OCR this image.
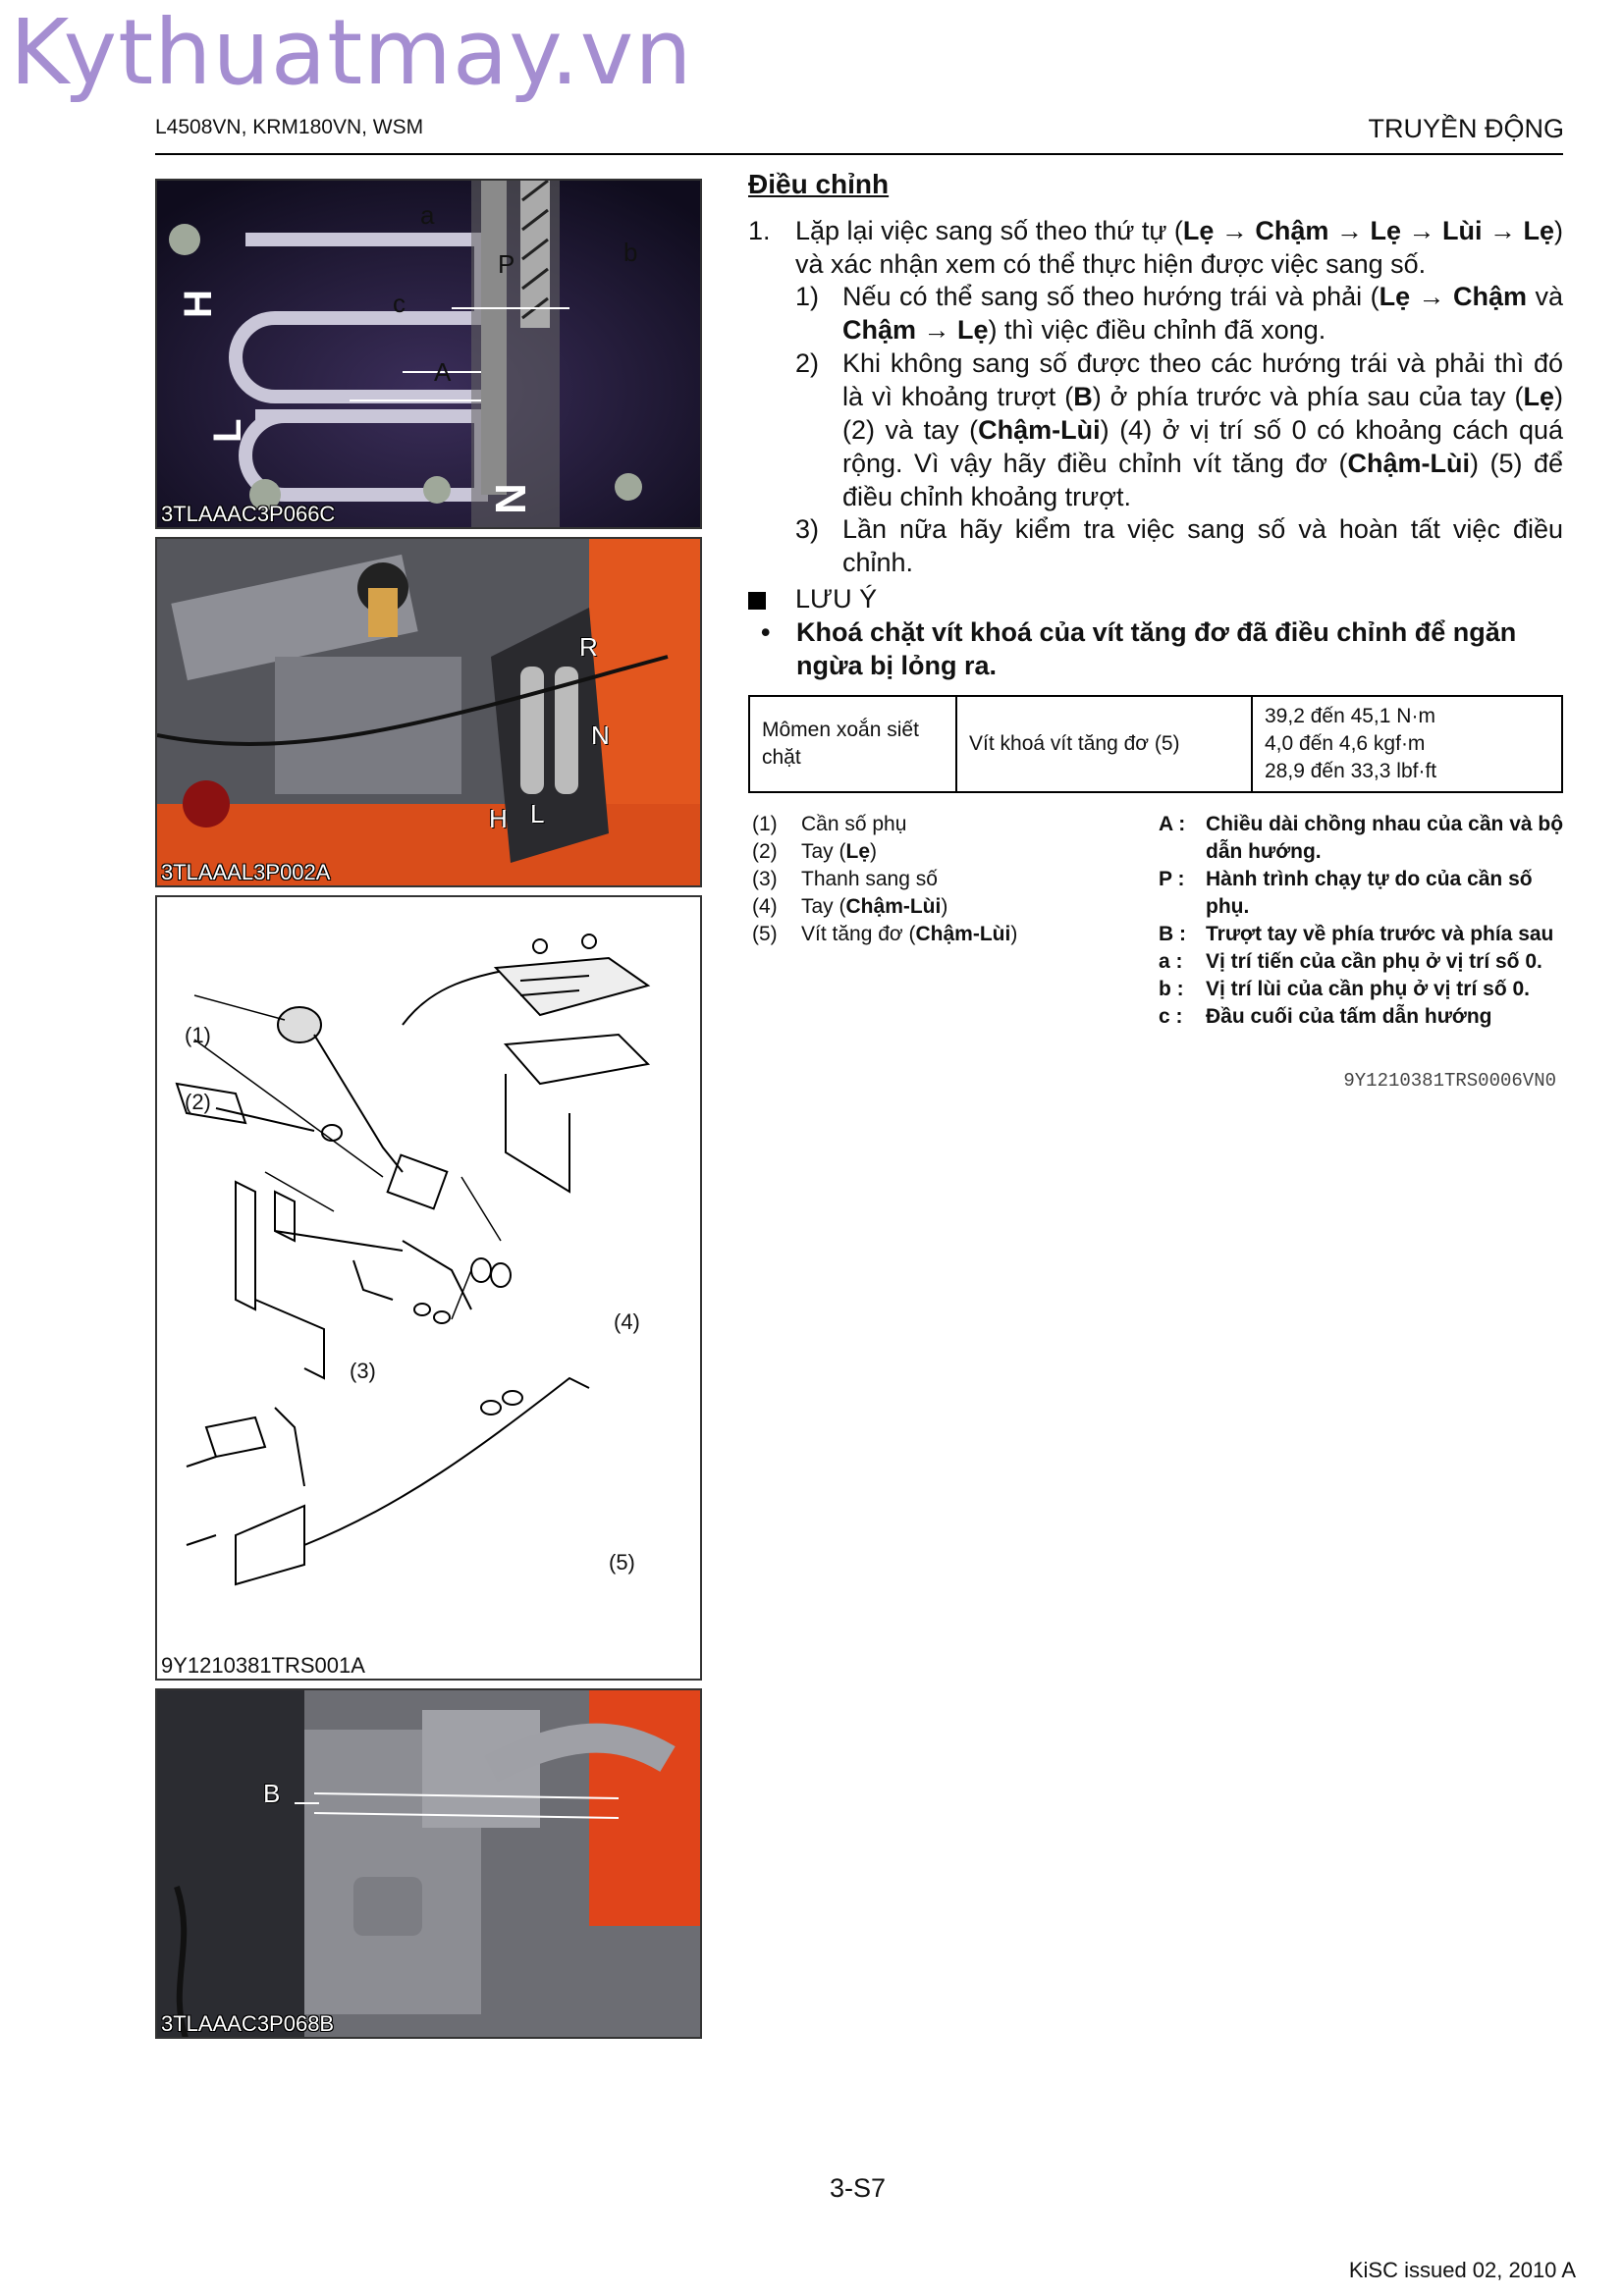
Kythuatmay.vn
L4508VN, KRM180VN, WSM	TRUYỀN ĐỘNG
H
L
N
a
b
P
c
A
3TLAAAC3P066C
R
N
L
H
3TLAAAL3P002A
(1)
(2)
(3)
(4)
(5)
9Y1210381TRS001A
B
3TLAAAC3P068B
Điều chỉnh
1. Lặp lại việc sang số theo thứ tự (Lẹ → Chậm → Lẹ → Lùi → Lẹ) và xác nhận xem có thể thực hiện được việc sang số.
1) Nếu có thể sang số theo hướng trái và phải (Lẹ → Chậm và Chậm → Lẹ) thì việc điều chỉnh đã xong.
2) Khi không sang số được theo các hướng trái và phải thì đó là vì khoảng trượt (B) ở phía trước và phía sau của tay (Lẹ) (2) và tay (Chậm-Lùi) (4) ở vị trí số 0 có khoảng cách quá rộng. Vì vậy hãy điều chỉnh vít tăng đơ (Chậm-Lùi) (5) để điều chỉnh khoảng trượt.
3) Lần nữa hãy kiểm tra việc sang số và hoàn tất việc điều chỉnh.
LƯU Ý
• Khoá chặt vít khoá của vít tăng đơ đã điều chỉnh để ngăn ngừa bị lỏng ra.
Mômen xoắn siết chặt	Vít khoá vít tăng đơ (5)	
39,2 đến 45,1 N·m
4,0 đến 4,6 kgf·m
28,9 đến 33,3 lbf·ft
(1) Cần số phụ
(2) Tay (Lẹ)
(3) Thanh sang số
(4) Tay (Chậm-Lùi)
(5) Vít tăng đơ (Chậm-Lùi)
A : Chiều dài chồng nhau của cần và bộ dẫn hướng.
P : Hành trình chạy tự do của cần số phụ.
B : Trượt tay về phía trước và phía sau
a : Vị trí tiến của cần phụ ở vị trí số 0.
b : Vị trí lùi của cần phụ ở vị trí số 0.
c : Đầu cuối của tấm dẫn hướng
9Y1210381TRS0006VN0
3-S7
KiSC issued 02, 2010 A
